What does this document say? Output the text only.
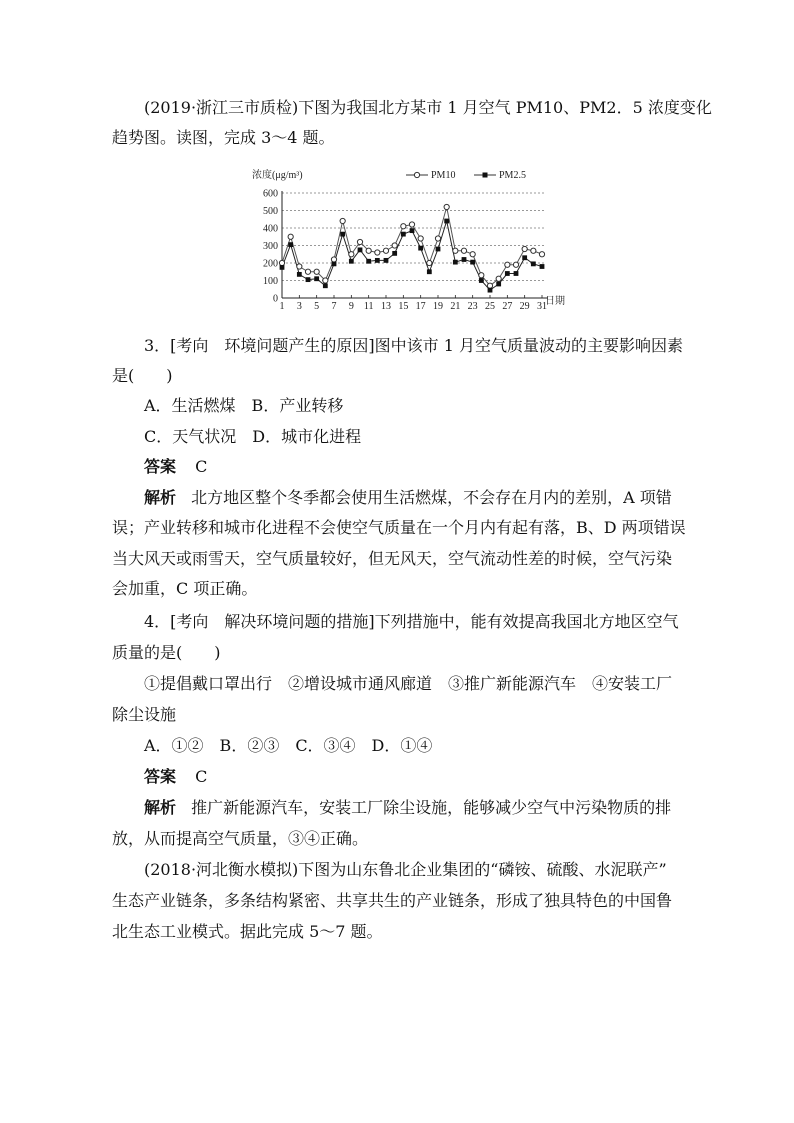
(2019·浙江三市质检)下图为我国北方某市 1 月空气 PM10、PM2．5 浓度变化
趋势图。读图，完成 3～4 题。
浓度(μg/m³)
日期
PM10	PM2.5
600
500
400
300
200
100
0
1 3 5 7 9 11 13 15 17 19 21 23 25 27 29 31
3．[考向　环境问题产生的原因]图中该市 1 月空气质量波动的主要影响因素
是(　　)
A．生活燃煤　B．产业转移
C．天气状况　D．城市化进程
答案 C
解析 北方地区整个冬季都会使用生活燃煤，不会存在月内的差别，A 项错
误；产业转移和城市化进程不会使空气质量在一个月内有起有落，B、D 两项错误
当大风天或雨雪天，空气质量较好，但无风天，空气流动性差的时候，空气污染
会加重，C 项正确。
4．[考向　解决环境问题的措施]下列措施中，能有效提高我国北方地区空气
质量的是(　　)
①提倡戴口罩出行　②增设城市通风廊道　③推广新能源汽车　④安装工厂
除尘设施
A．①②　B．②③　C．③④　D．①④
答案 C
解析 推广新能源汽车，安装工厂除尘设施，能够减少空气中污染物质的排
放，从而提高空气质量，③④正确。
(2018·河北衡水模拟)下图为山东鲁北企业集团的“磷铵、硫酸、水泥联产”
生态产业链条，多条结构紧密、共享共生的产业链条，形成了独具特色的中国鲁
北生态工业模式。据此完成 5～7 题。
